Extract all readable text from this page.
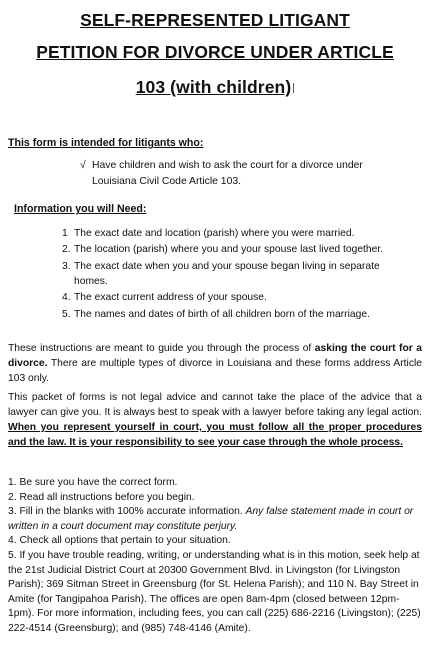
SELF-REPRESENTED LITIGANT
PETITION FOR DIVORCE UNDER ARTICLE
103 (with children)
This form is intended for litigants who:
√ Have children and wish to ask the court for a divorce under
Louisiana Civil Code Article 103.
Information you will Need:
1 The exact date and location (parish) where you were married.
2. The location (parish) where you and your spouse last lived together.
3. The exact date when you and your spouse began living in separate homes.
4. The exact current address of your spouse.
5. The names and dates of birth of all children born of the marriage.
These instructions are meant to guide you through the process of asking the court for a divorce. There are multiple types of divorce in Louisiana and these forms address Article 103 only.
This packet of forms is not legal advice and cannot take the place of the advice that a lawyer can give you. It is always best to speak with a lawyer before taking any legal action. When you represent yourself in court, you must follow all the proper procedures and the law. It is your responsibility to see your case through the whole process.
1. Be sure you have the correct form.
2. Read all instructions before you begin.
3. Fill in the blanks with 100% accurate information. Any false statement made in court or written in a court document may constitute perjury.
4. Check all options that pertain to your situation.
5. If you have trouble reading, writing, or understanding what is in this motion, seek help at the 21st Judicial District Court at 20300 Government Blvd. in Livingston (for Livingston Parish); 369 Sitman Street in Greensburg (for St. Helena Parish); and 110 N. Bay Street in Amite (for Tangipahoa Parish). The offices are open 8am-4pm (closed between 12pm-1pm). For more information, including fees, you can call (225) 686-2216 (Livingston); (225) 222-4514 (Greensburg); and (985) 748-4146 (Amite).
